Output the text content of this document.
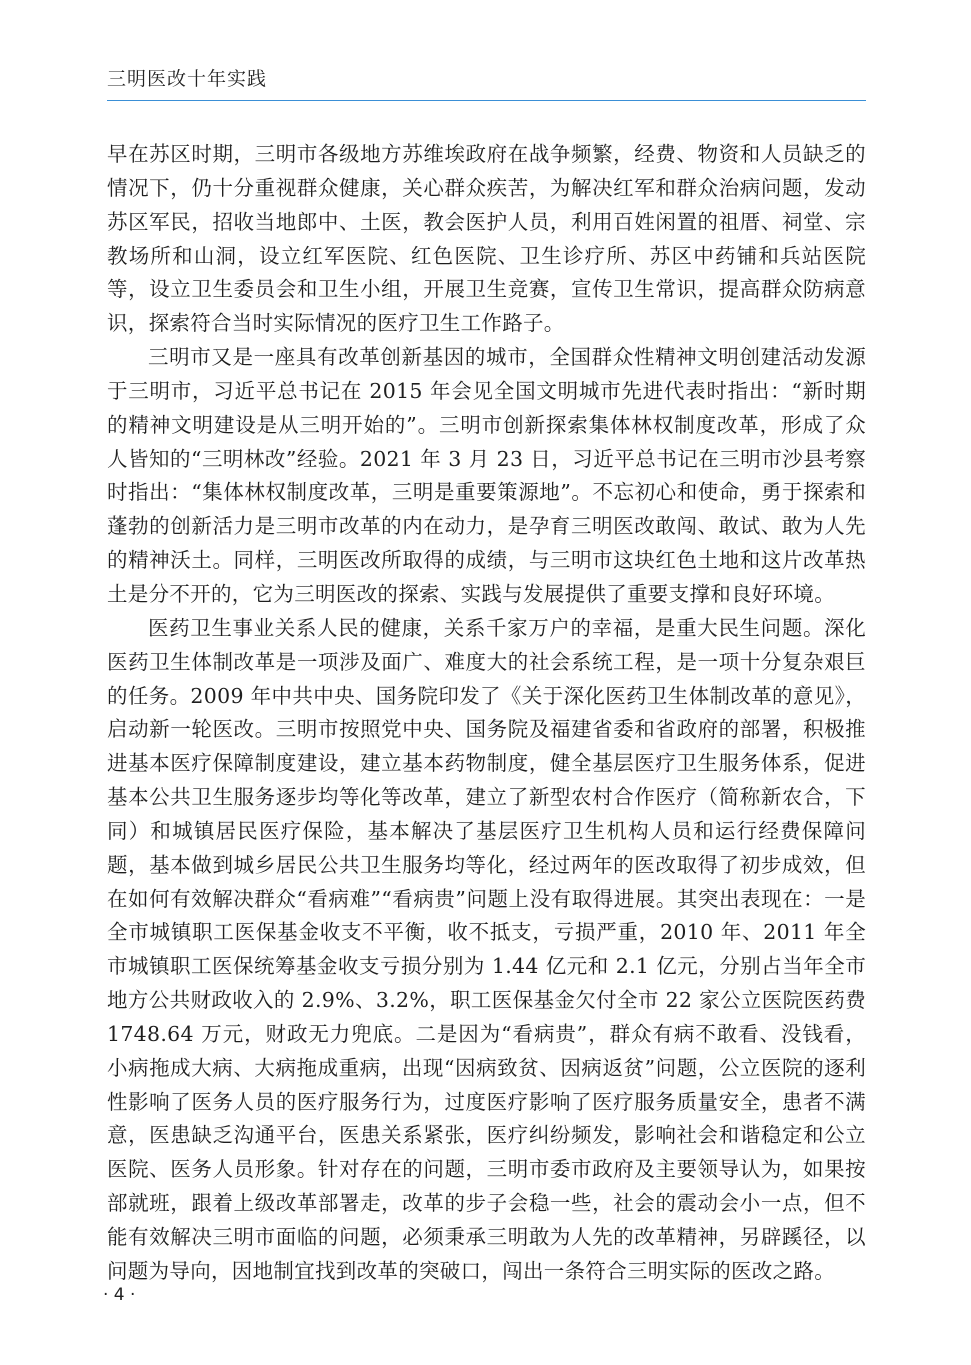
三明医改十年实践

早在苏区时期，三明市各级地方苏维埃政府在战争频繁，经费、物资和人员缺乏的情况下，仍十分重视群众健康，关心群众疾苦，为解决红军和群众治病问题，发动苏区军民，招收当地郎中、土医，教会医护人员，利用百姓闲置的祖厝、祠堂、宗教场所和山洞，设立红军医院、红色医院、卫生诊疗所、苏区中药铺和兵站医院等，设立卫生委员会和卫生小组，开展卫生竞赛，宣传卫生常识，提高群众防病意识，探索符合当时实际情况的医疗卫生工作路子。

三明市又是一座具有改革创新基因的城市，全国群众性精神文明创建活动发源于三明市，习近平总书记在 2015 年会见全国文明城市先进代表时指出：“新时期的精神文明建设是从三明开始的”。三明市创新探索集体林权制度改革，形成了众人皆知的“三明林改”经验。2021 年 3 月 23 日，习近平总书记在三明市沙县考察时指出：“集体林权制度改革，三明是重要策源地”。不忘初心和使命，勇于探索和蓬勃的创新活力是三明市改革的内在动力，是孕育三明医改敢闯、敢试、敢为人先的精神沃土。同样，三明医改所取得的成绩，与三明市这块红色土地和这片改革热土是分不开的，它为三明医改的探索、实践与发展提供了重要支撑和良好环境。

医药卫生事业关系人民的健康，关系千家万户的幸福，是重大民生问题。深化医药卫生体制改革是一项涉及面广、难度大的社会系统工程，是一项十分复杂艰巨的任务。2009 年中共中央、国务院印发了《关于深化医药卫生体制改革的意见》，启动新一轮医改。三明市按照党中央、国务院及福建省委和省政府的部署，积极推进基本医疗保障制度建设，建立基本药物制度，健全基层医疗卫生服务体系，促进基本公共卫生服务逐步均等化等改革，建立了新型农村合作医疗（简称新农合，下同）和城镇居民医疗保险，基本解决了基层医疗卫生机构人员和运行经费保障问题，基本做到城乡居民公共卫生服务均等化，经过两年的医改取得了初步成效，但在如何有效解决群众“看病难”“看病贵”问题上没有取得进展。其突出表现在：一是全市城镇职工医保基金收支不平衡，收不抵支，亏损严重，2010 年、2011 年全市城镇职工医保统筹基金收支亏损分别为 1.44 亿元和 2.1 亿元，分别占当年全市地方公共财政收入的 2.9%、3.2%，职工医保基金欠付全市 22 家公立医院医药费 1748.64 万元，财政无力兜底。二是因为“看病贵”，群众有病不敢看、没钱看，小病拖成大病、大病拖成重病，出现“因病致贫、因病返贫”问题，公立医院的逐利性影响了医务人员的医疗服务行为，过度医疗影响了医疗服务质量安全，患者不满意，医患缺乏沟通平台，医患关系紧张，医疗纠纷频发，影响社会和谐稳定和公立医院、医务人员形象。针对存在的问题，三明市委市政府及主要领导认为，如果按部就班，跟着上级改革部署走，改革的步子会稳一些，社会的震动会小一点，但不能有效解决三明市面临的问题，必须秉承三明敢为人先的改革精神，另辟蹊径，以问题为导向，因地制宜找到改革的突破口，闯出一条符合三明实际的医改之路。

· 4 ·
